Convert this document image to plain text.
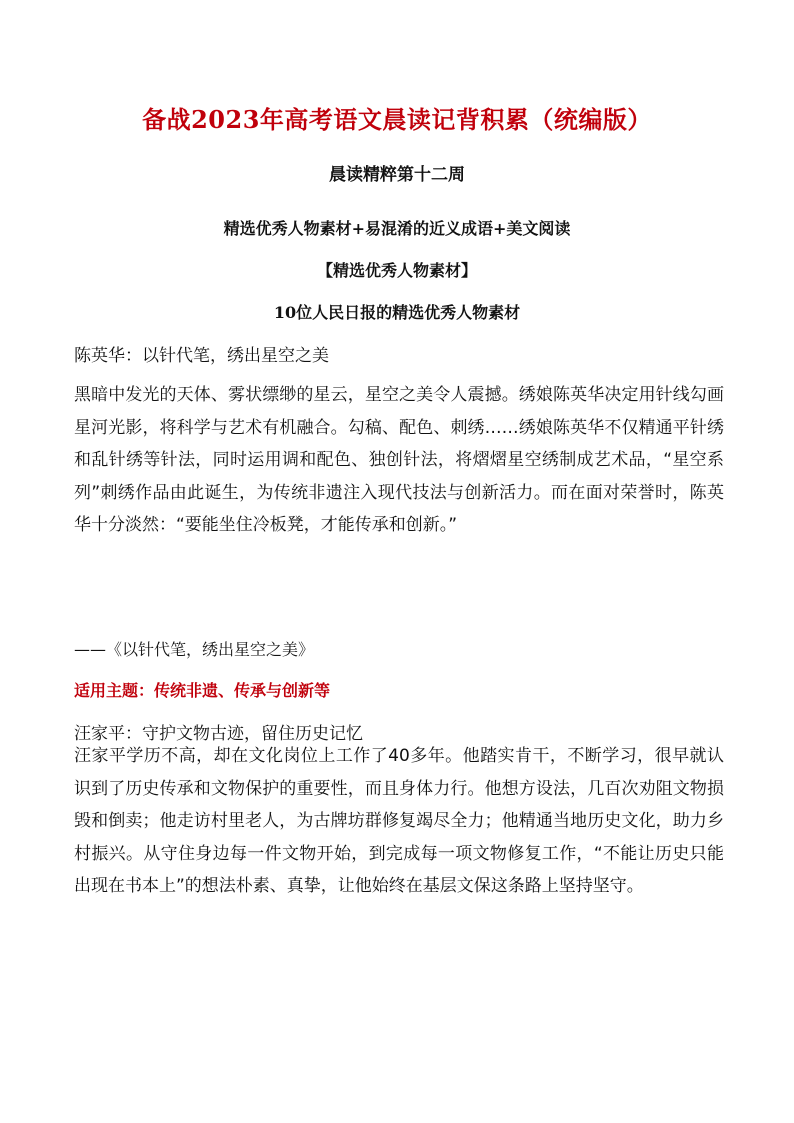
备战2023年高考语文晨读记背积累（统编版）
晨读精粹第十二周
精选优秀人物素材+易混淆的近义成语+美文阅读
【精选优秀人物素材】
10位人民日报的精选优秀人物素材
陈英华：以针代笔，绣出星空之美
黑暗中发光的天体、雾状缥缈的星云，星空之美令人震撼。绣娘陈英华决定用针线勾画星河光影，将科学与艺术有机融合。勾稿、配色、刺绣……绣娘陈英华不仅精通平针绣和乱针绣等针法，同时运用调和配色、独创针法，将熠熠星空绣制成艺术品，“星空系列”刺绣作品由此诞生，为传统非遗注入现代技法与创新活力。而在面对荣誉时，陈英华十分淡然：“要能坐住冷板凳，才能传承和创新。”
——《以针代笔，绣出星空之美》
适用主题：传统非遗、传承与创新等
汪家平：守护文物古迹，留住历史记忆
汪家平学历不高，却在文化岗位上工作了40多年。他踏实肯干，不断学习，很早就认识到了历史传承和文物保护的重要性，而且身体力行。他想方设法，几百次劝阻文物损毁和倒卖；他走访村里老人，为古牌坊群修复竭尽全力；他精通当地历史文化，助力乡村振兴。从守住身边每一件文物开始，到完成每一项文物修复工作，“不能让历史只能出现在书本上”的想法朴素、真挚，让他始终在基层文保这条路上坚持坚守。
